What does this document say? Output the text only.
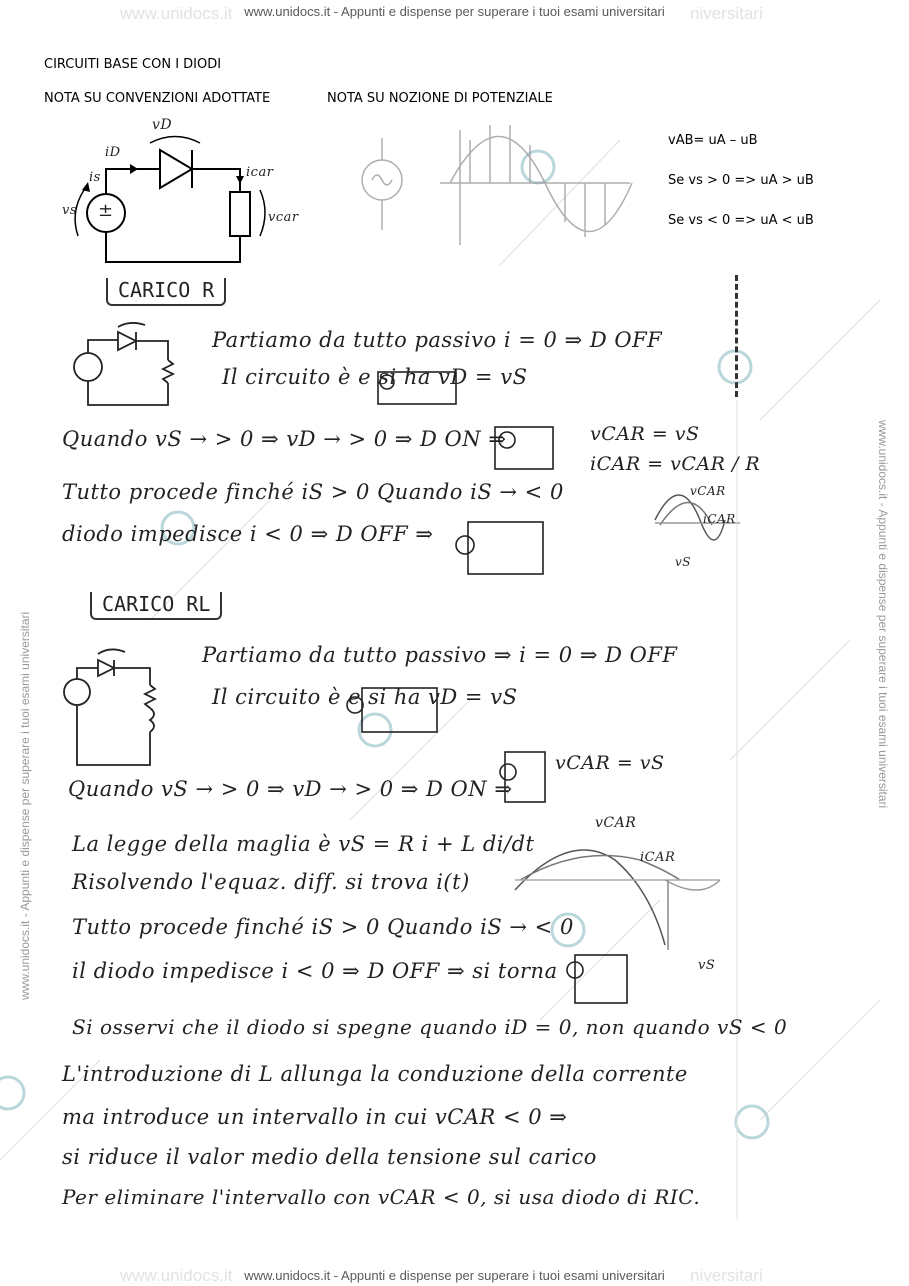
www.unidocs.it - Appunti e dispense per superare i tuoi esami universitari
www.unidocs.it	niversitari
www.unidocs.it - Appunti e dispense per superare i tuoi esami universitari
www.unidocs.it	niversitari
www.unidocs.it - Appunti e dispense per superare i tuoi esami universitari	www.unidocs.it - Appunti e dispense per superare i tuoi esami universitari
CIRCUITI BASE CON I DIODI
NOTA SU CONVENZIONI ADOTTATE	NOTA SU NOZIONE DI POTENZIALE
vAB= uA – uB
Se vs > 0 => uA > uB
Se vs < 0 => uA < uB
vD
iD
is
vs
icar
vcar
±
CARICO R
Partiamo da tutto passivo i = 0 ⇒ D OFF
Il circuito è e si ha vD = vS
Quando vS → > 0 ⇒ vD → > 0 ⇒ D ON ⇒	vCAR = vS
iCAR = vCAR / R
Tutto procede finché iS > 0 Quando iS → < 0
diodo impedisce i < 0 ⇒ D OFF ⇒
vCAR
iCAR
vS
CARICO RL
Partiamo da tutto passivo ⇒ i = 0 ⇒ D OFF
Il circuito è e si ha vD = vS
Quando vS → > 0 ⇒ vD → > 0 ⇒ D ON ⇒
vCAR = vS
La legge della maglia è vS = R i + L di/dt
Risolvendo l'equaz. diff. si trova i(t)
Tutto procede finché iS > 0 Quando iS → < 0
il diodo impedisce i < 0 ⇒ D OFF ⇒ si torna
Si osservi che il diodo si spegne quando iD = 0, non quando vS < 0
L'introduzione di L allunga la conduzione della corrente
ma introduce un intervallo in cui vCAR < 0 ⇒
si riduce il valor medio della tensione sul carico
Per eliminare l'intervallo con vCAR < 0, si usa diodo di RIC.
vCAR
iCAR
vS
